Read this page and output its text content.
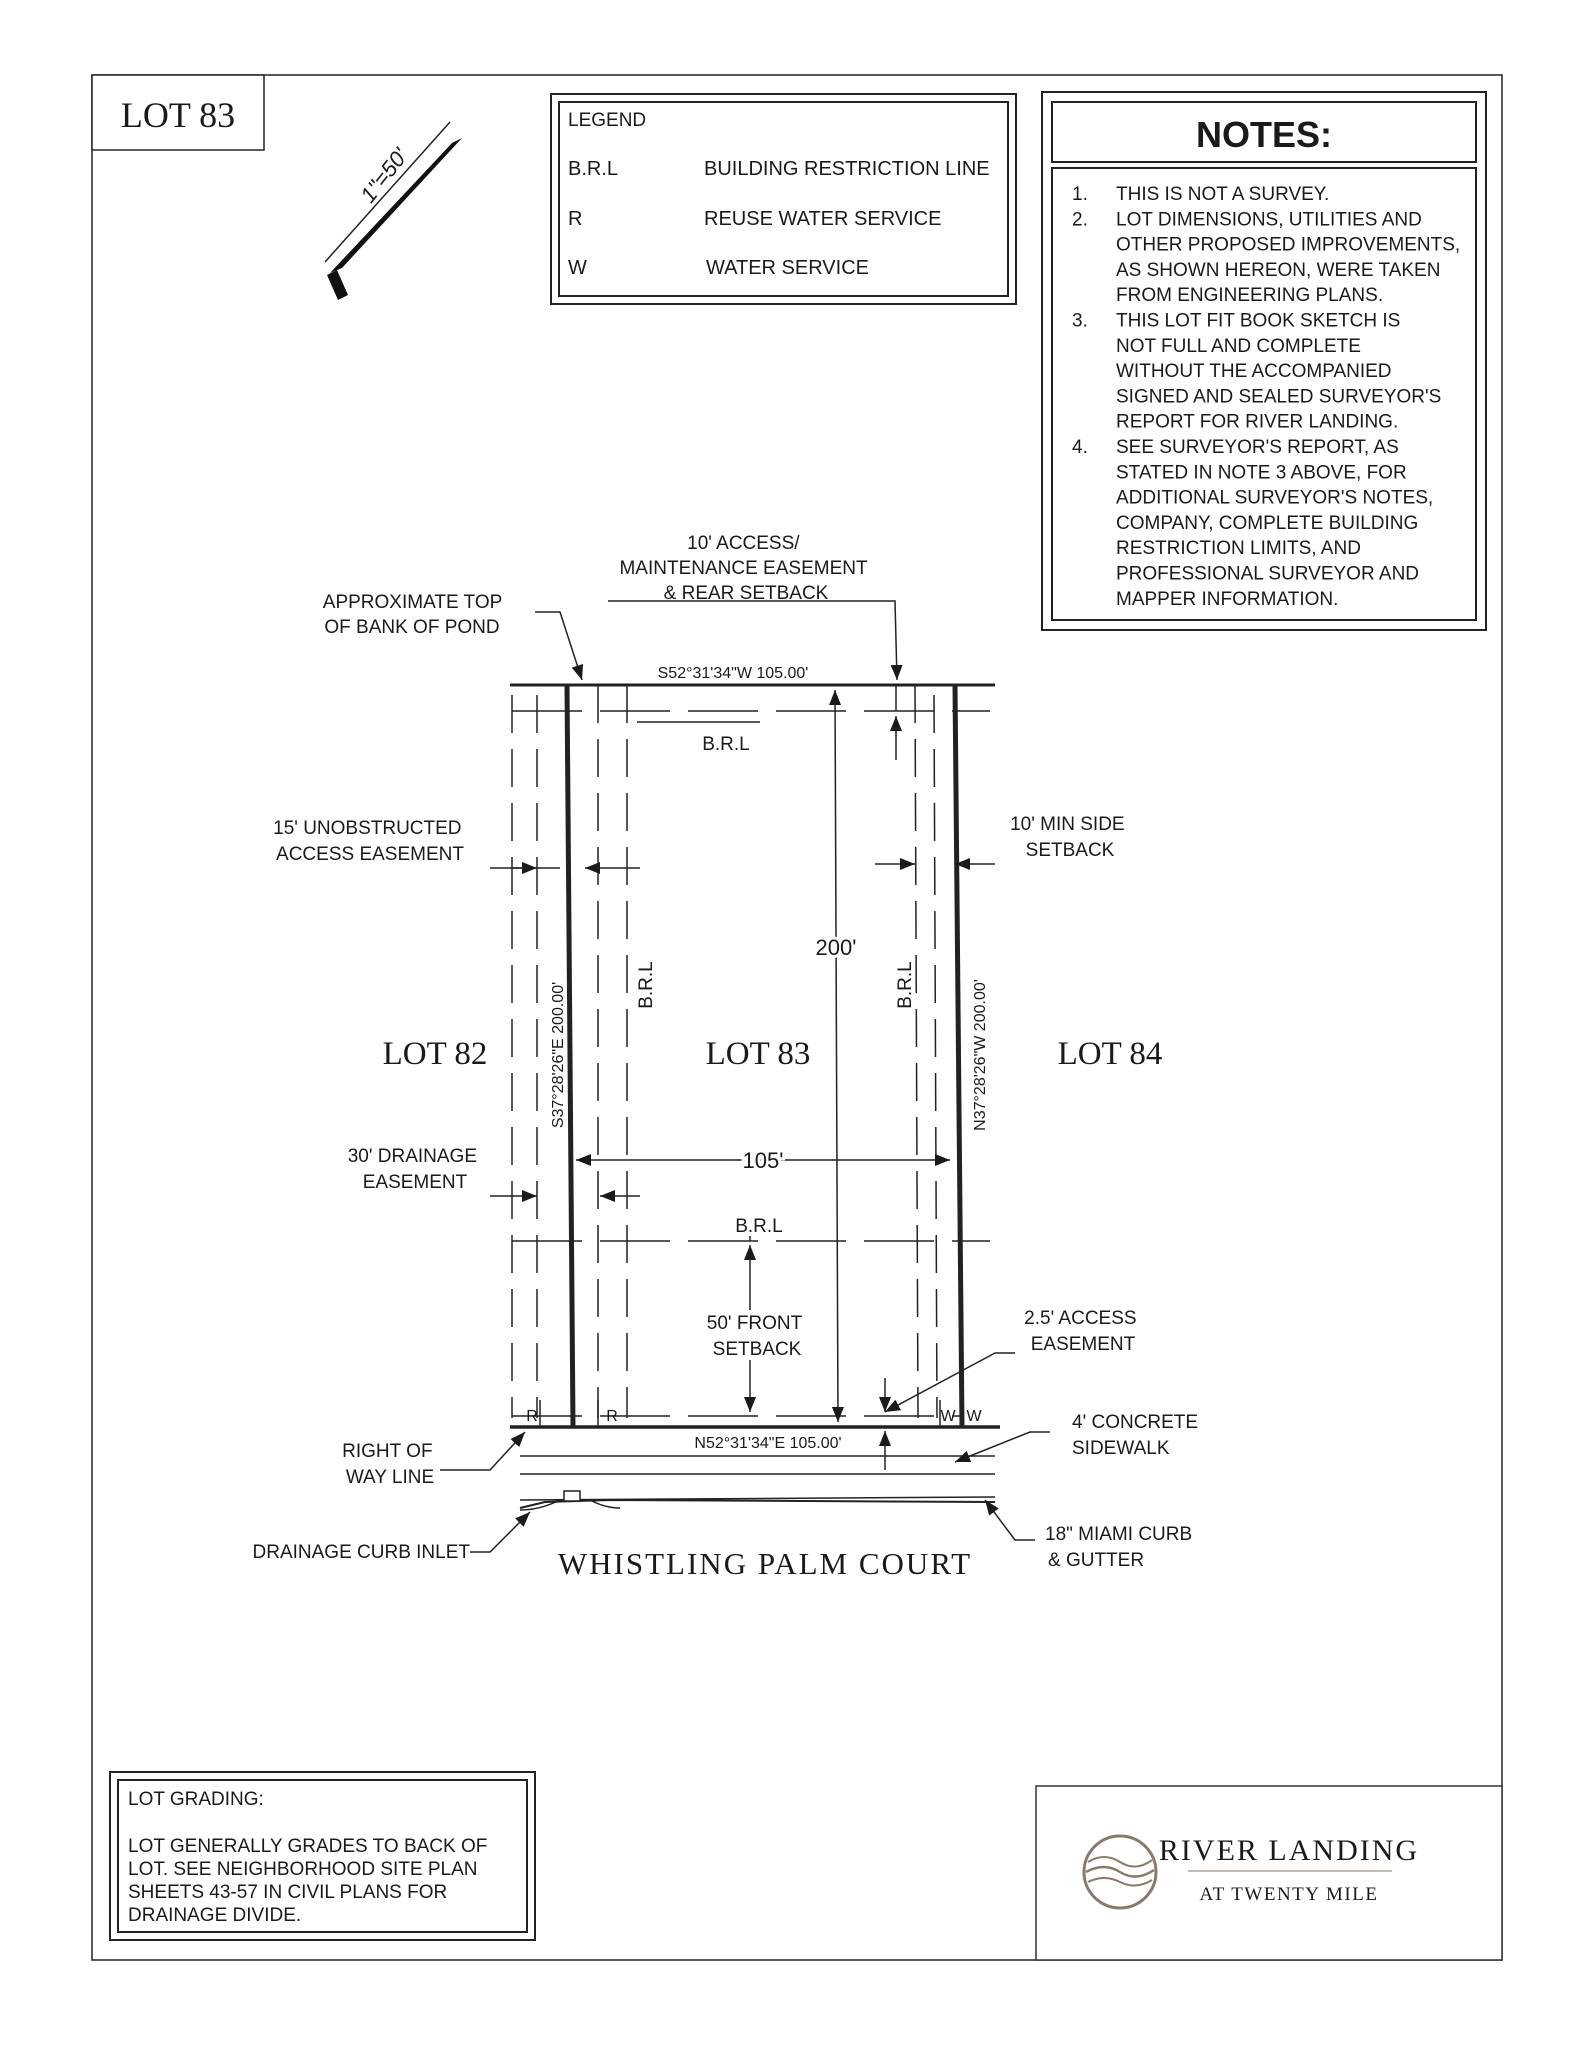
LOT 83
1"=50'
LEGEND
B.R.L	BUILDING RESTRICTION LINE
R	REUSE WATER SERVICE
W	WATER SERVICE
NOTES:
1. THIS IS NOT A SURVEY.
2. LOT DIMENSIONS, UTILITIES AND
OTHER PROPOSED IMPROVEMENTS,
AS SHOWN HEREON, WERE TAKEN
FROM ENGINEERING PLANS.
3. THIS LOT FIT BOOK SKETCH IS
NOT FULL AND COMPLETE
WITHOUT THE ACCOMPANIED
SIGNED AND SEALED SURVEYOR'S
REPORT FOR RIVER LANDING.
4. SEE SURVEYOR'S REPORT, AS
STATED IN NOTE 3 ABOVE, FOR
ADDITIONAL SURVEYOR'S NOTES,
COMPANY, COMPLETE BUILDING
RESTRICTION LIMITS, AND
PROFESSIONAL SURVEYOR AND
MAPPER INFORMATION.
LOT 82	LOT 83	LOT 84
WHISTLING PALM COURT
S52°31'34"W 105.00'
N52°31'34"E 105.00'
S37°28'26"E 200.00'	N37°28'26"W 200.00'
200'
105'
B.R.L
B.R.L
B.R.L	B.R.L
R	R	W W
10' ACCESS/ MAINTENANCE EASEMENT & REAR SETBACK
APPROXIMATE TOP OF BANK OF POND
15' UNOBSTRUCTED ACCESS EASEMENT
10' MIN SIDE SETBACK
30' DRAINAGE EASEMENT
50' FRONT SETBACK
2.5' ACCESS EASEMENT
RIGHT OF WAY LINE
4' CONCRETE SIDEWALK
DRAINAGE CURB INLET
18" MIAMI CURB & GUTTER
LOT GRADING:
LOT GENERALLY GRADES TO BACK OF
LOT. SEE NEIGHBORHOOD SITE PLAN
SHEETS 43-57 IN CIVIL PLANS FOR
DRAINAGE DIVIDE.
RIVER LANDING
AT TWENTY MILE
